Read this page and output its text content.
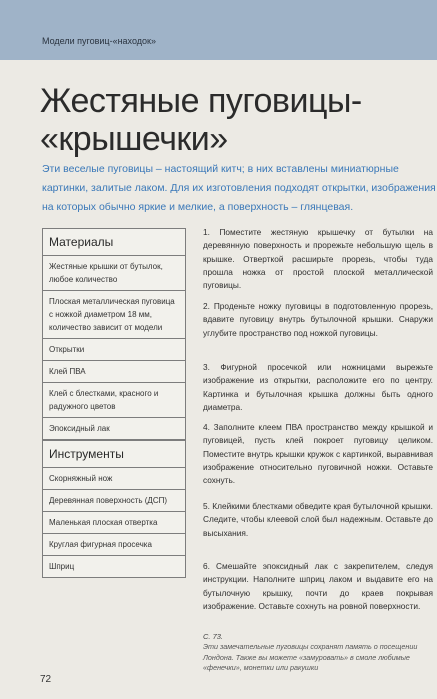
Модели пуговиц-«находок»
Жестяные пуговицы-
«крышечки»

Эти веселые пуговицы – настоящий китч; в них вставлены миниатюрные картинки, залитые лаком. Для их изготовления подходят открытки, изображения на которых обычно яркие и мелкие, а поверхность – глянцевая.

Материалы
Жестяные крышки от бутылок, любое количество
Плоская металлическая пуговица с ножкой диаметром 18 мм, количество зависит от модели
Открытки
Клей ПВА
Клей с блестками, красного и радужного цветов
Эпоксидный лак
Инструменты
Скорняжный нож
Деревянная поверхность (ДСП)
Маленькая плоская отвертка
Круглая фигурная просечка
Шприц

1. Поместите жестяную крышечку от бутылки на деревянную поверхность и прорежьте небольшую щель в крышке. Отверткой расширьте прорезь, чтобы туда прошла ножка от простой плоской металлической пуговицы.

2. Проденьте ножку пуговицы в подготовленную прорезь, вдавите пуговицу внутрь бутылочной крышки. Снаружи углубите пространство под ножкой пуговицы.

3. Фигурной просечкой или ножницами вырежьте изображение из открытки, расположите его по центру. Картинка и бутылочная крышка должны быть одного диаметра.

4. Заполните клеем ПВА пространство между крышкой и пуговицей, пусть клей покроет пуговицу целиком. Поместите внутрь крышки кружок с картинкой, выравнивая изображение относительно пуговичной ножки. Оставьте сохнуть.

5. Клейкими блестками обведите края бутылочной крышки. Следите, чтобы клеевой слой был надежным. Оставьте до высыхания.

6. Смешайте эпоксидный лак с закрепителем, следуя инструкции. Наполните шприц лаком и выдавите его на бутылочную крышку, почти до краев покрывая изображение. Оставьте сохнуть на ровной поверхности.

С. 73.
Эти замечательные пуговицы сохранят память о посещении Лондона. Также вы можете «замуровать» в смоле любимые «фенечки», монетки или ракушки
72
